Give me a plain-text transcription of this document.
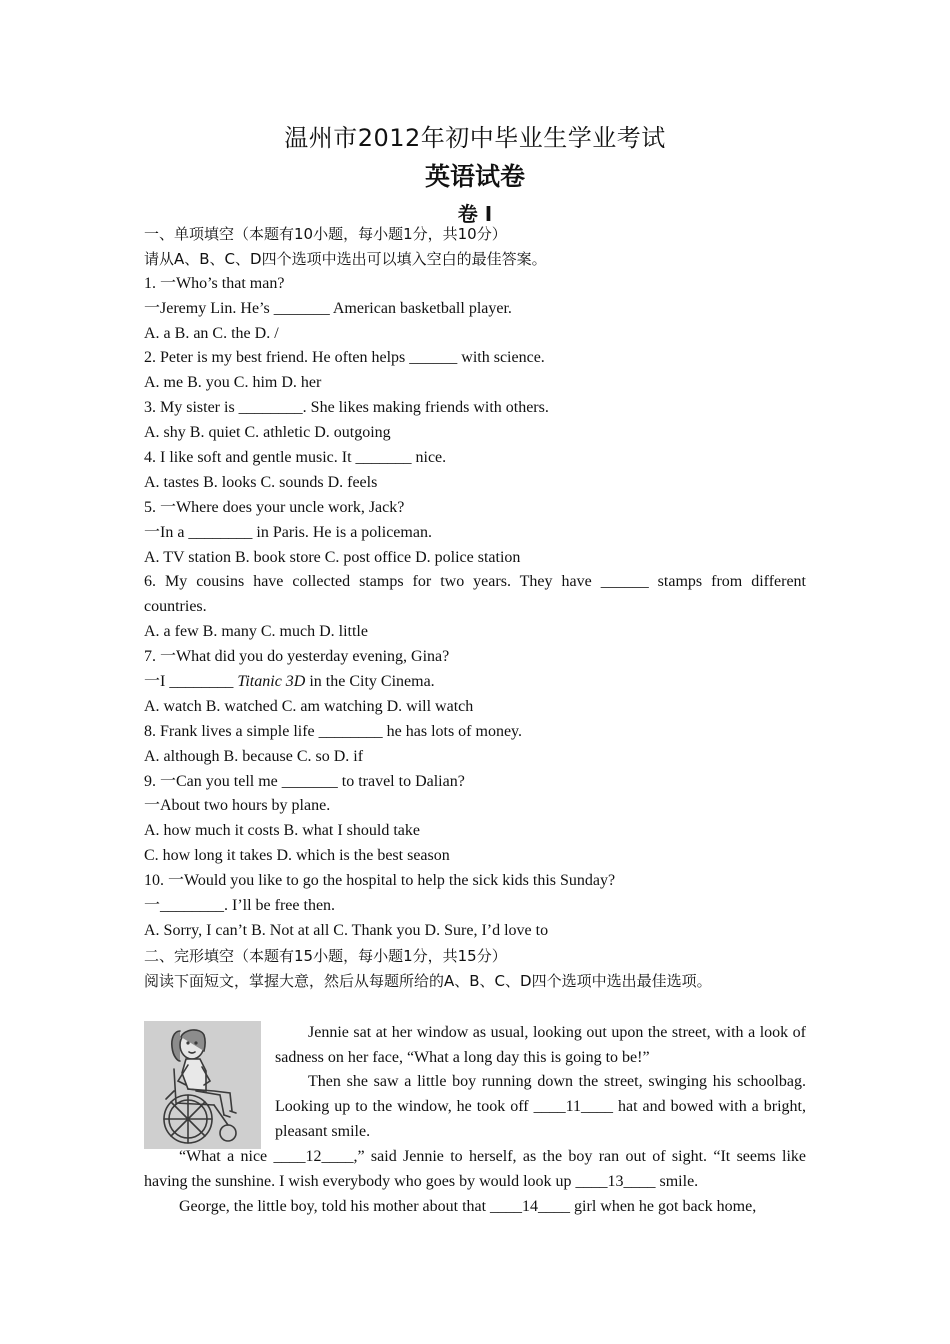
温州市2012年初中毕业生学业考试
英语试卷
卷 I
一、单项填空（本题有10小题，每小题1分，共10分）
请从A、B、C、D四个选项中选出可以填入空白的最佳答案。
1. 一Who’s that man?
一Jeremy Lin. He’s _______ American basketball player.
A. a B. an C. the D. /
2. Peter is my best friend. He often helps ______ with science.
A. me B. you C. him D. her
3. My sister is ________. She likes making friends with others.
A. shy B. quiet C. athletic D. outgoing
4. I like soft and gentle music. It _______ nice.
A. tastes B. looks C. sounds D. feels
5. 一Where does your uncle work, Jack?
一In a ________ in Paris. He is a policeman.
A. TV station B. book store C. post office D. police station
6. My cousins have collected stamps for two years. They have ______ stamps from different
countries.
A. a few B. many C. much D. little
7. 一What did you do yesterday evening, Gina?
一I ________ Titanic 3D in the City Cinema.
A. watch B. watched C. am watching D. will watch
8. Frank lives a simple life ________ he has lots of money.
A. although B. because C. so D. if
9. 一Can you tell me _______ to travel to Dalian?
一About two hours by plane.
A. how much it costs B. what I should take
C. how long it takes D. which is the best season
10. 一Would you like to go the hospital to help the sick kids this Sunday?
一________. I’ll be free then.
A. Sorry, I can’t B. Not at all C. Thank you D. Sure, I’d love to
二、完形填空（本题有15小题，每小题1分，共15分）
阅读下面短文，掌握大意，然后从每题所给的A、B、C、D四个选项中选出最佳选项。
Jennie sat at her window as usual, looking out upon the street, with a look of sadness on her face, “What a long day this is going to be!”
Then she saw a little boy running down the street, swinging his schoolbag. Looking up to the window, he took off ____11____ hat and bowed with a bright, pleasant smile.
“What a nice ____12____,” said Jennie to herself, as the boy ran out of sight. “It seems like having the sunshine. I wish everybody who goes by would look up ____13____ smile.
George, the little boy, told his mother about that ____14____ girl when he got back home,
